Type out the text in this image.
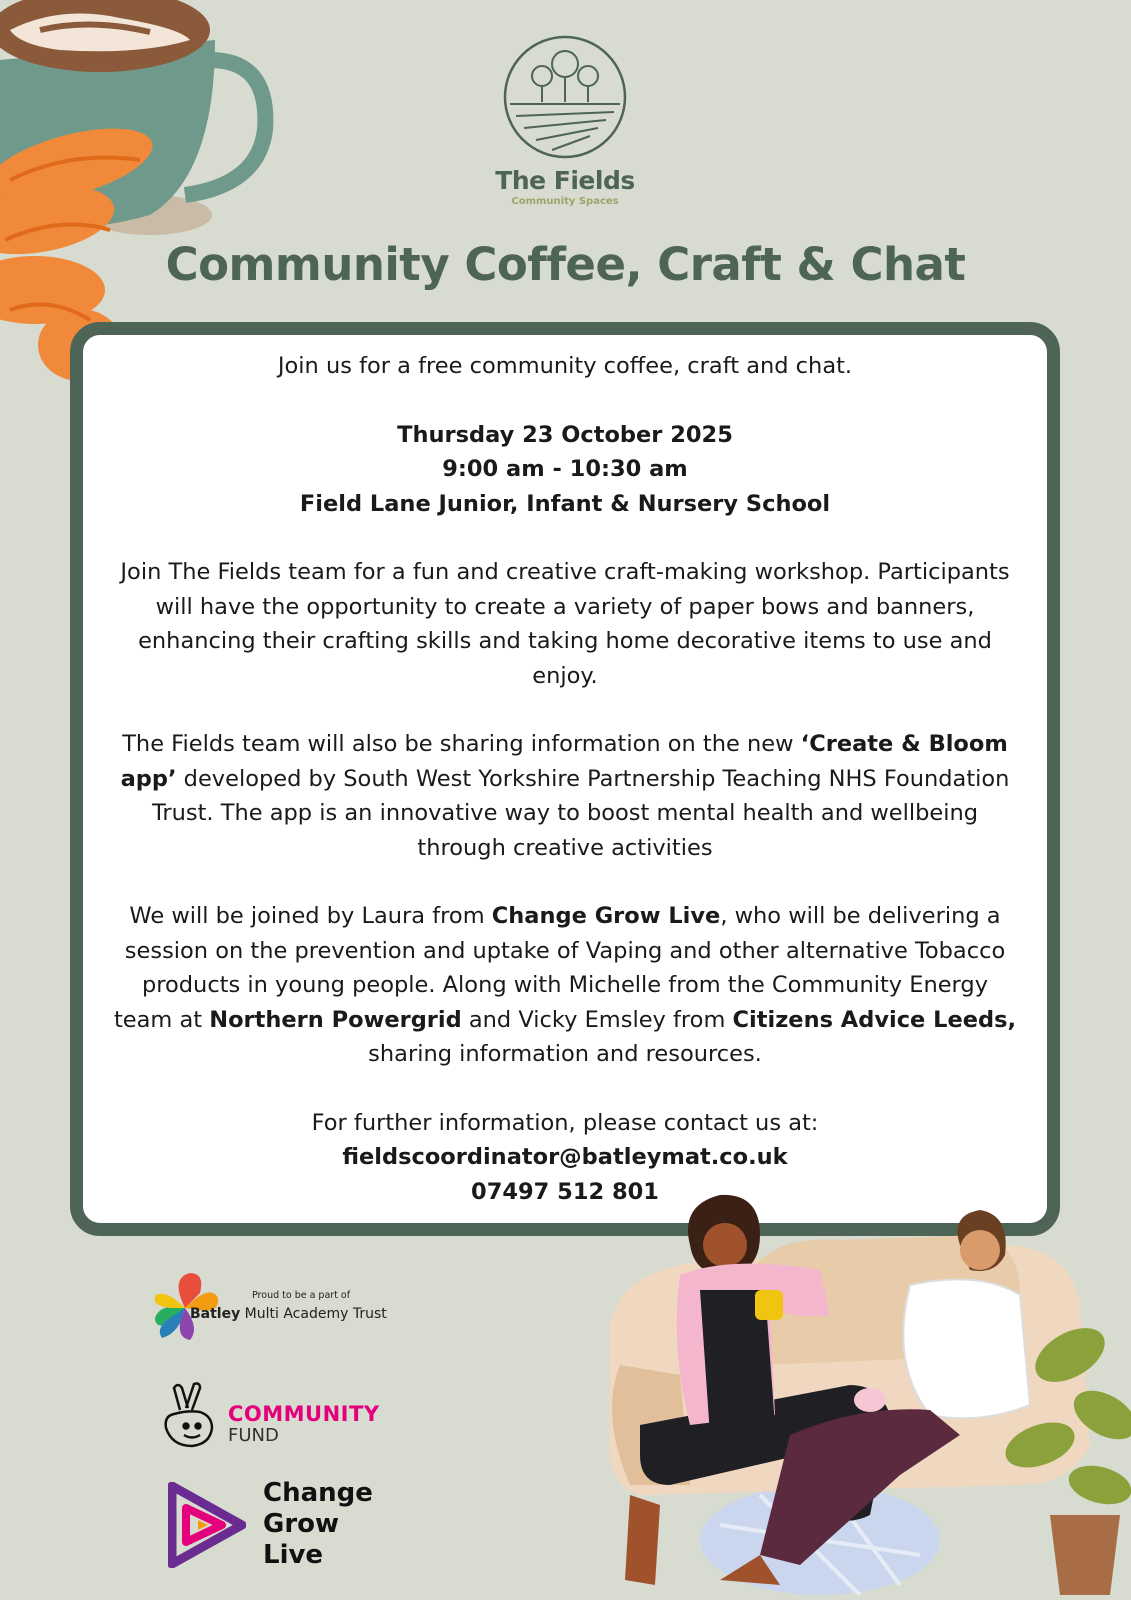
The Fields
Community Spaces
Community Coffee, Craft & Chat

Join us for a free community coffee, craft and chat.

Thursday 23 October 2025

9:00 am - 10:30 am

Field Lane Junior, Infant & Nursery School

Join The Fields team for a fun and creative craft-making workshop. Participants will have the opportunity to create a variety of paper bows and banners, enhancing their crafting skills and taking home decorative items to use and enjoy.

The Fields team will also be sharing information on the new ‘Create & Bloom app’ developed by South West Yorkshire Partnership Teaching NHS Foundation Trust. The app is an innovative way to boost mental health and wellbeing through creative activities

We will be joined by Laura from Change Grow Live, who will be delivering a session on the prevention and uptake of Vaping and other alternative Tobacco products in young people. Along with Michelle from the Community Energy team at Northern Powergrid and Vicky Emsley from Citizens Advice Leeds, sharing information and resources.

For further information, please contact us at:

fieldscoordinator@batleymat.co.uk

07497 512 801

Proud to be a part of
Batley Multi Academy Trust
COMMUNITY
FUND
Change
Grow
Live
